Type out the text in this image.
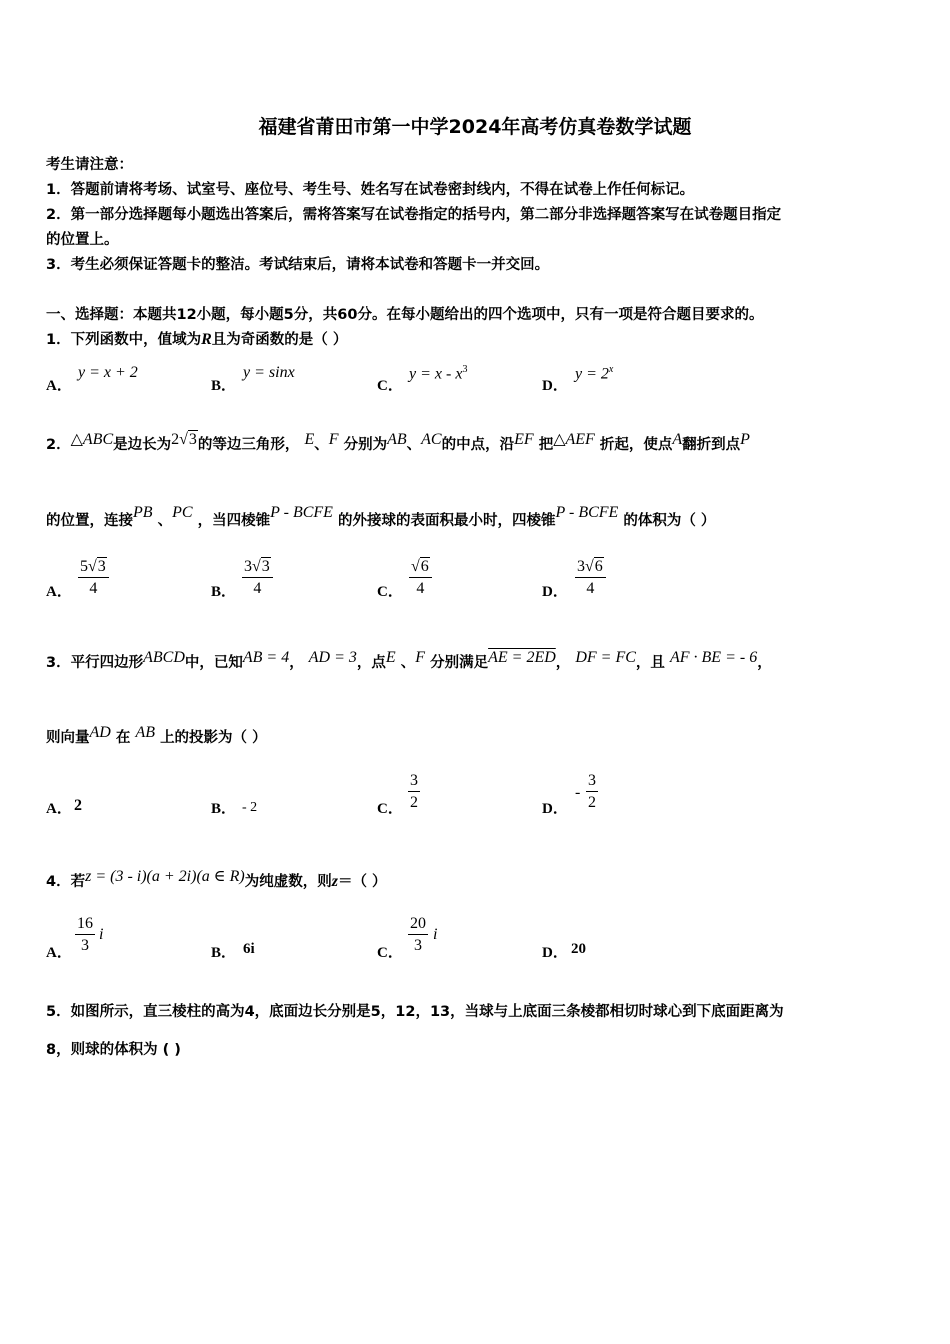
福建省莆田市第一中学2024年高考仿真卷数学试题
考生请注意：
1．答题前请将考场、试室号、座位号、考生号、姓名写在试卷密封线内，不得在试卷上作任何标记。
2．第一部分选择题每小题选出答案后，需将答案写在试卷指定的括号内，第二部分非选择题答案写在试卷题目指定
的位置上。
3．考生必须保证答题卡的整洁。考试结束后，请将本试卷和答题卡一并交回。
一、选择题：本题共12小题，每小题5分，共60分。在每小题给出的四个选项中，只有一项是符合题目要求的。
1．下列函数中，值域为R且为奇函数的是（ ）
A．
y = x + 2
B．
y = sinx
C．
$y = x - x^3$
D．
$y = 2^x$
2．△ABC是边长为2√3的等边三角形， E、F 分别为AB、AC的中点，沿EF 把△AEF 折起，使点A翻折到点P
的位置，连接PB 、PC ，当四棱锥P - BCFE 的外接球的表面积最小时，四棱锥P - BCFE 的体积为（ ）
A． $\frac{5√3}{4}$	B． $\frac{3√3}{4}$	C． $\frac{√6}{4}$	D． $\frac{3√6}{4}$
3．平行四边形ABCD中，已知AB = 4， AD = 3，点E 、F 分别满足AE = 2ED， DF = FC，且 AF · BE = - 6，
则向量AD 在 AB 上的投影为（ ）
A． 2	B． - 2	C． $\frac{3}{2}$	D．
- $\frac{3}{2}$
4．若z = (3 - i)(a + 2i)(a ∈ R)为纯虚数，则z＝（ ）
A． $\frac{16}{3}$ i
B． 6i	C． $\frac{20}{3}$ i
D． 20
5．如图所示，直三棱柱的高为4，底面边长分别是5，12，13，当球与上底面三条棱都相切时球心到下底面距离为
8，则球的体积为 ( )
